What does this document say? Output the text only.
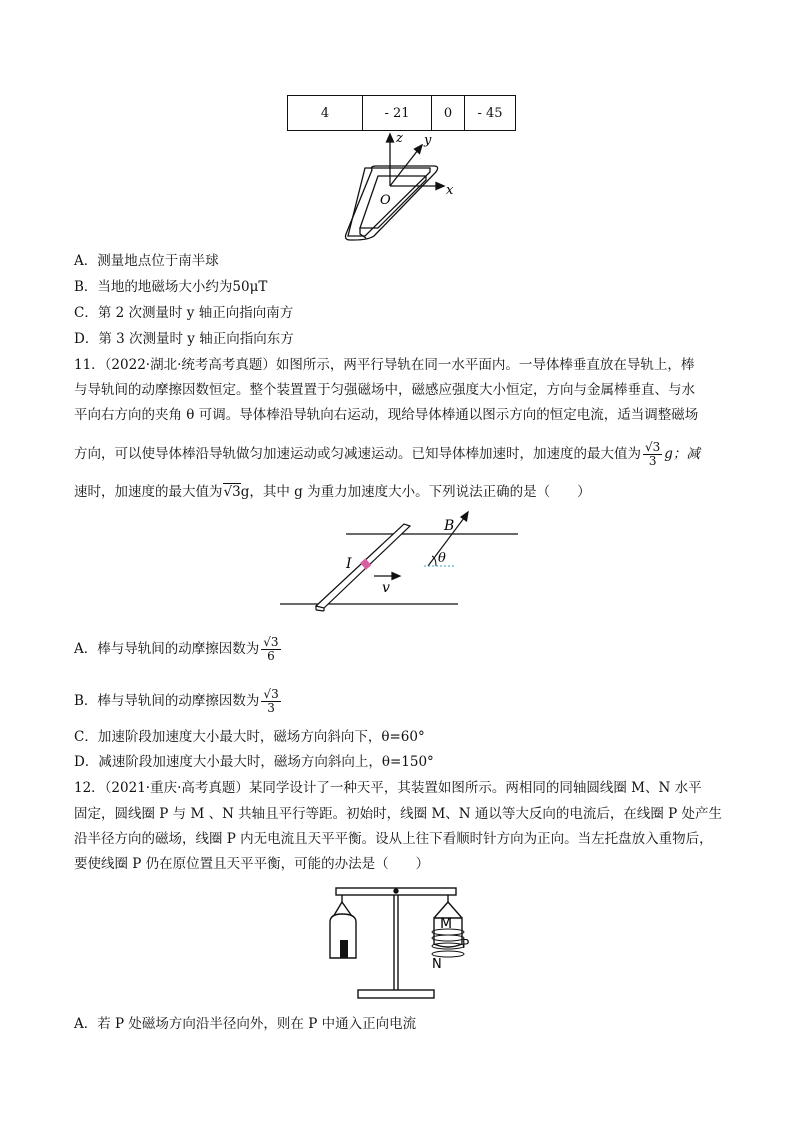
4	- 21	0	- 45
z y
x
O
A．测量地点位于南半球
B．当地的地磁场大小约为50μT
C．第 2 次测量时 y 轴正向指向南方
D．第 3 次测量时 y 轴正向指向东方
11．（2022·湖北·统考高考真题）如图所示，两平行导轨在同一水平面内。一导体棒垂直放在导轨上，棒
与导轨间的动摩擦因数恒定。整个装置置于匀强磁场中，磁感应强度大小恒定，方向与金属棒垂直、与水
平向右方向的夹角 θ 可调。导体棒沿导轨向右运动，现给导体棒通以图示方向的恒定电流，适当调整磁场
方向，可以使导体棒沿导轨做匀加速运动或匀减速运动。已知导体棒加速时，加速度的最大值为 $\frac{√3}{3}$ g；减
速时，加速度的最大值为√3g，其中 g 为重力加速度大小。下列说法正确的是（　　）
B
I
v
θ
A．棒与导轨间的动摩擦因数为 $\frac{√3}{6}$
B．棒与导轨间的动摩擦因数为 $\frac{√3}{3}$
C．加速阶段加速度大小最大时，磁场方向斜向下，θ=60°
D．减速阶段加速度大小最大时，磁场方向斜向上，θ=150°
12．（2021·重庆·高考真题）某同学设计了一种天平，其装置如图所示。两相同的同轴圆线圈 M、N 水平
固定，圆线圈 P 与 M 、N 共轴且平行等距。初始时，线圈 M、N 通以等大反向的电流后，在线圈 P 处产生
沿半径方向的磁场，线圈 P 内无电流且天平平衡。设从上往下看顺时针方向为正向。当左托盘放入重物后，
要使线圈 P 仍在原位置且天平平衡，可能的办法是（　　）
M
P
N
A．若 P 处磁场方向沿半径向外，则在 P 中通入正向电流
